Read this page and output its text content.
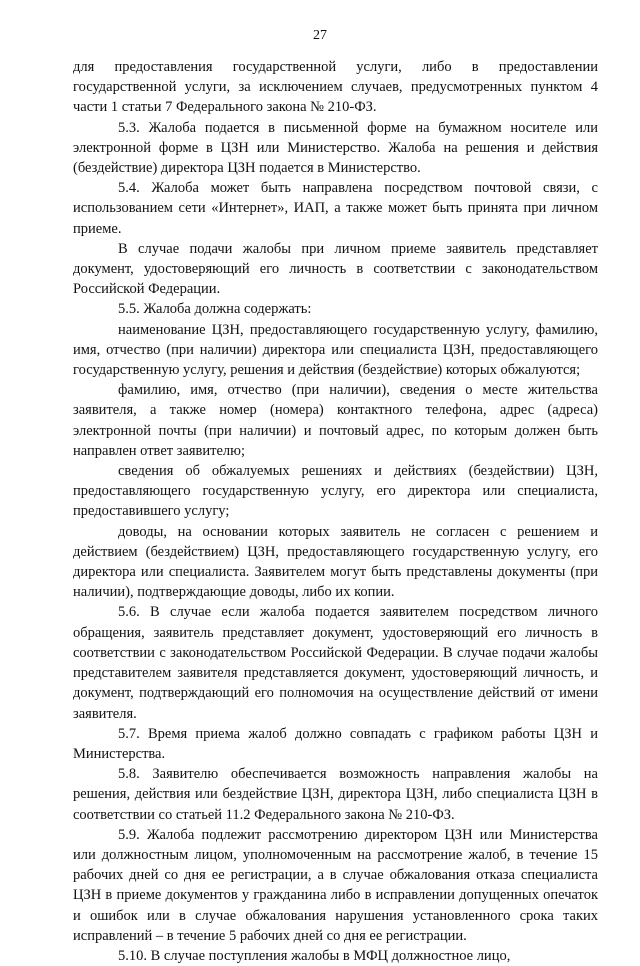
27

для предоставления государственной услуги, либо в предоставлении государственной услуги, за исключением случаев, предусмотренных пунктом 4 части 1 статьи 7 Федерального закона № 210-ФЗ.

5.3. Жалоба подается в письменной форме на бумажном носителе или электронной форме в ЦЗН или Министерство. Жалоба на решения и действия (бездействие) директора ЦЗН подается в Министерство.

5.4. Жалоба может быть направлена посредством почтовой связи, с использованием сети «Интернет», ИАП, а также может быть принята при личном приеме.

В случае подачи жалобы при личном приеме заявитель представляет документ, удостоверяющий его личность в соответствии с законодательством Российской Федерации.

5.5. Жалоба должна содержать:

наименование ЦЗН, предоставляющего государственную услугу, фамилию, имя, отчество (при наличии) директора или специалиста ЦЗН, предоставляющего государственную услугу, решения и действия (бездействие) которых обжалуются;

фамилию, имя, отчество (при наличии), сведения о месте жительства заявителя, а также номер (номера) контактного телефона, адрес (адреса) электронной почты (при наличии) и почтовый адрес, по которым должен быть направлен ответ заявителю;

сведения об обжалуемых решениях и действиях (бездействии) ЦЗН, предоставляющего государственную услугу, его директора или специалиста, предоставившего услугу;

доводы, на основании которых заявитель не согласен с решением и действием (бездействием) ЦЗН, предоставляющего государственную услугу, его директора или специалиста. Заявителем могут быть представлены документы (при наличии), подтверждающие доводы, либо их копии.

5.6. В случае если жалоба подается заявителем посредством личного обращения, заявитель представляет документ, удостоверяющий его личность в соответствии с законодательством Российской Федерации. В случае подачи жалобы представителем заявителя представляется документ, удостоверяющий личность, и документ, подтверждающий его полномочия на осуществление действий от имени заявителя.

5.7. Время приема жалоб должно совпадать с графиком работы ЦЗН и Министерства.

5.8. Заявителю обеспечивается возможность направления жалобы на решения, действия или бездействие ЦЗН, директора ЦЗН, либо специалиста ЦЗН в соответствии со статьей 11.2 Федерального закона № 210-ФЗ.

5.9. Жалоба подлежит рассмотрению директором ЦЗН или Министерства или должностным лицом, уполномоченным на рассмотрение жалоб, в течение 15 рабочих дней со дня ее регистрации, а в случае обжалования отказа специалиста ЦЗН в приеме документов у гражданина либо в исправлении допущенных опечаток и ошибок или в случае обжалования нарушения установленного срока таких исправлений – в течение 5 рабочих дней со дня ее регистрации.

5.10. В случае поступления жалобы в МФЦ должностное лицо,
